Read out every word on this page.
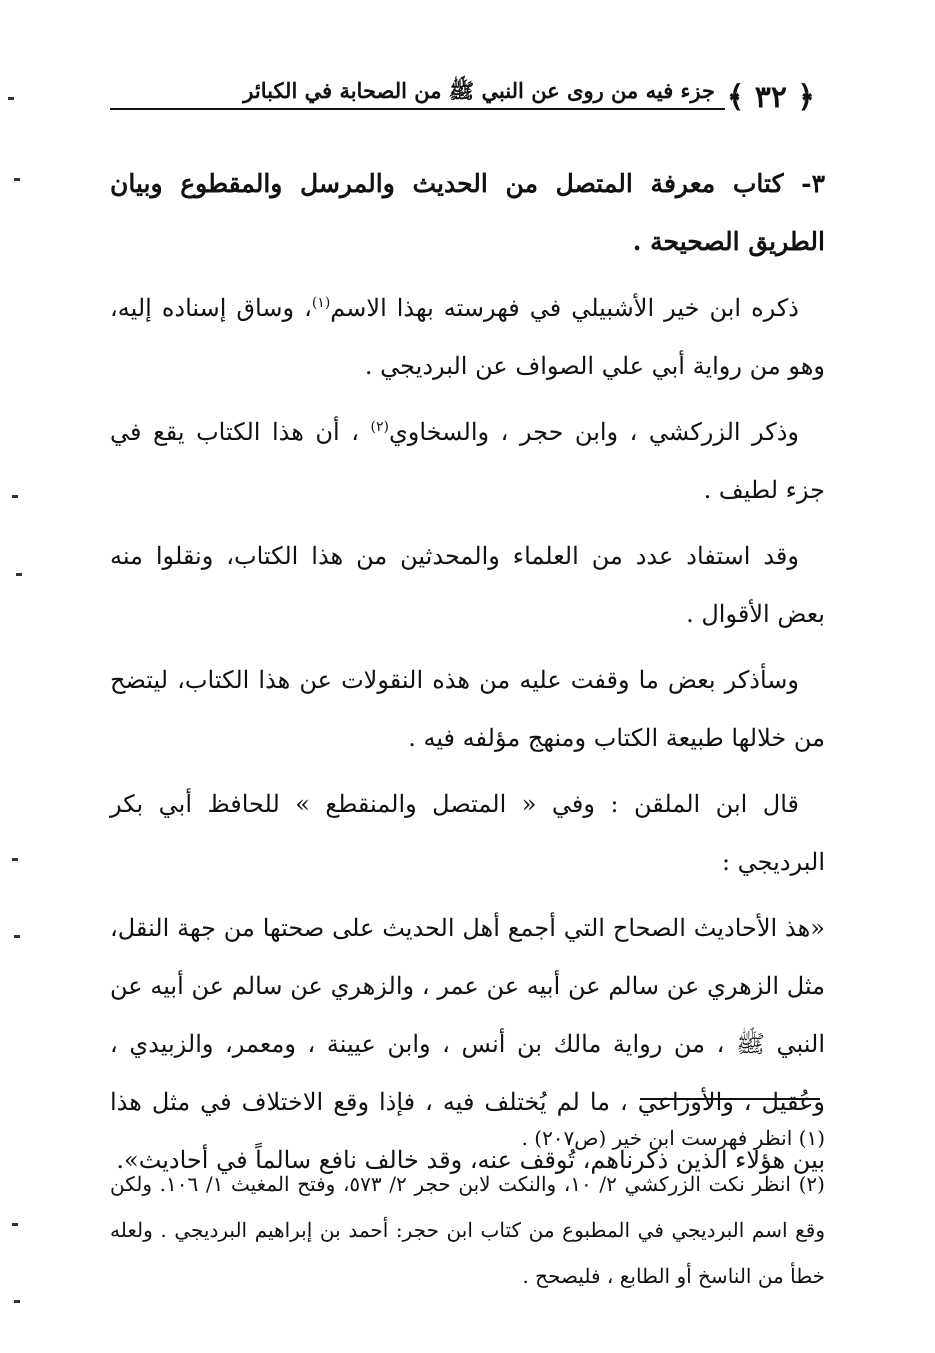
﴿ ٣٢ ﴾
جزء فيه من روى عن النبي ﷺ من الصحابة في الكبائر

٣- كتاب معرفة المتصل من الحديث والمرسل والمقطوع وبيان الطريق الصحيحة .

ذكره ابن خير الأشبيلي في فهرسته بهذا الاسم$^{(١)}$، وساق إسناده إليه، وهو من رواية أبي علي الصواف عن البرديجي .

وذكر الزركشي ، وابن حجر ، والسخاوي$^{(٢)}$ ، أن هذا الكتاب يقع في جزء لطيف .

وقد استفاد عدد من العلماء والمحدثين من هذا الكتاب، ونقلوا منه بعض الأقوال .

وسأذكر بعض ما وقفت عليه من هذه النقولات عن هذا الكتاب، ليتضح من خلالها طبيعة الكتاب ومنهج مؤلفه فيه .

قال ابن الملقن : وفي « المتصل والمنقطع » للحافظ أبي بكر البرديجي :

«هذ الأحاديث الصحاح التي أجمع أهل الحديث على صحتها من جهة النقل، مثل الزهري عن سالم عن أبيه عن عمر ، والزهري عن سالم عن أبيه عن النبي ﷺ ، من رواية مالك بن أنس ، وابن عيينة ، ومعمر، والزبيدي ، وعُقيل ، والأوزاعي ، ما لم يُختلف فيه ، فإذا وقع الاختلاف في مثل هذا بين هؤلاء الذين ذكرناهم، تُوقف عنه، وقد خالف نافع سالماً في أحاديث».

(١) انظر فهرست ابن خير (ص٢٠٧) .

(٢) انظر نكت الزركشي ٢/ ١٠، والنكت لابن حجر ٢/ ٥٧٣، وفتح المغيث ١/ ١٠٦. ولكن وقع اسم البرديجي في المطبوع من كتاب ابن حجر: أحمد بن إبراهيم البرديجي . ولعله خطأ من الناسخ أو الطابع ، فليصحح .
